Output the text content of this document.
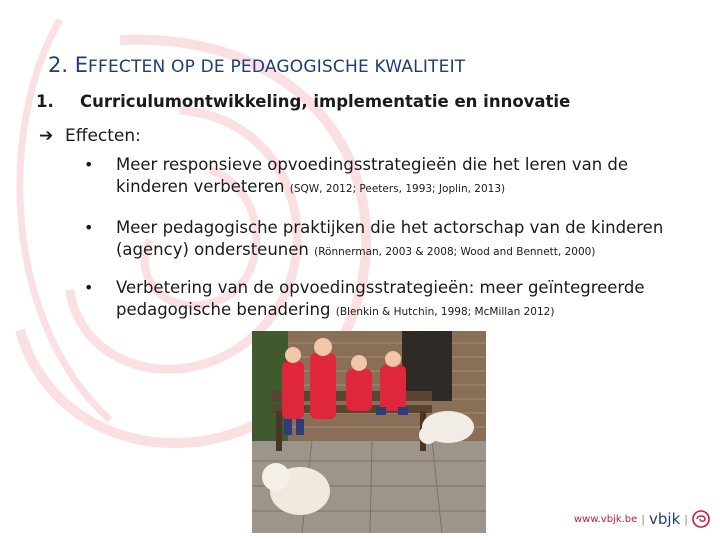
2. EFFECTEN OP DE PEDAGOGISCHE KWALITEIT
1. Curriculumontwikkeling, implementatie en innovatie
➔ Effecten:
• Meer responsieve opvoedingsstrategieën die het leren van de kinderen verbeteren (SQW, 2012; Peeters, 1993; Joplin, 2013)
• Meer pedagogische praktijken die het actorschap van de kinderen (agency) ondersteunen (Rönnerman, 2003 & 2008; Wood and Bennett, 2000)
• Verbetering van de opvoedingsstrategieën: meer geïntegreerde pedagogische benadering (Blenkin & Hutchin, 1998; McMillan 2012)
www.vbjk.be | vbjk |
